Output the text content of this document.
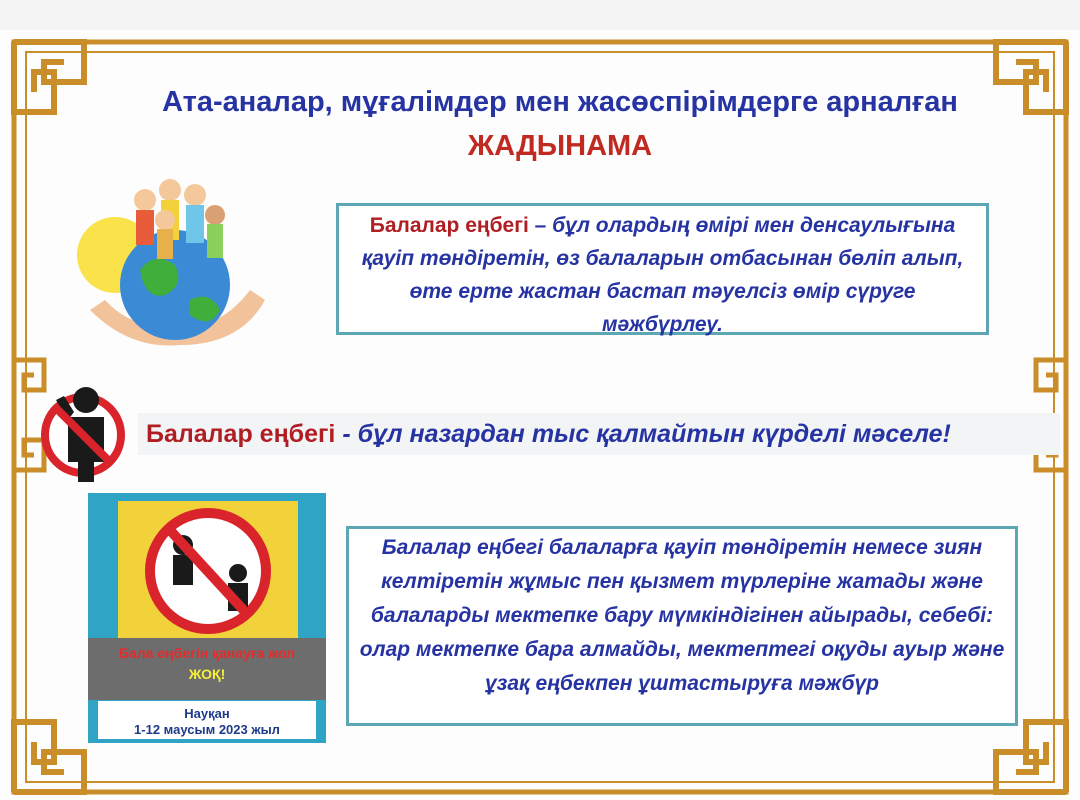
Ата-аналар, мұғалімдер мен жасөспірімдерге арналған
ЖАДЫНАМА
Балалар еңбегі – бұл олардың өмірі мен денсаулығына қауіп төндіретін, өз балаларын отбасынан бөліп алып, өте ерте жастан бастап тәуелсіз өмір сүруге мәжбүрлеу.
Балалар еңбегі - бұл назардан тыс қалмайтын күрделі мәселе!
Бала еңбегін қанауға жол
ЖОҚ!
Науқан
1-12 маусым 2023 жыл
Балалар еңбегі балаларға қауіп төндіретін немесе зиян келтіретін жұмыс пен қызмет түрлеріне жатады және балаларды мектепке бару мүмкіндігінен айырады, себебі: олар мектепке бара алмайды, мектептегі оқуды ауыр және ұзақ еңбекпен ұштастыруға мәжбүр
